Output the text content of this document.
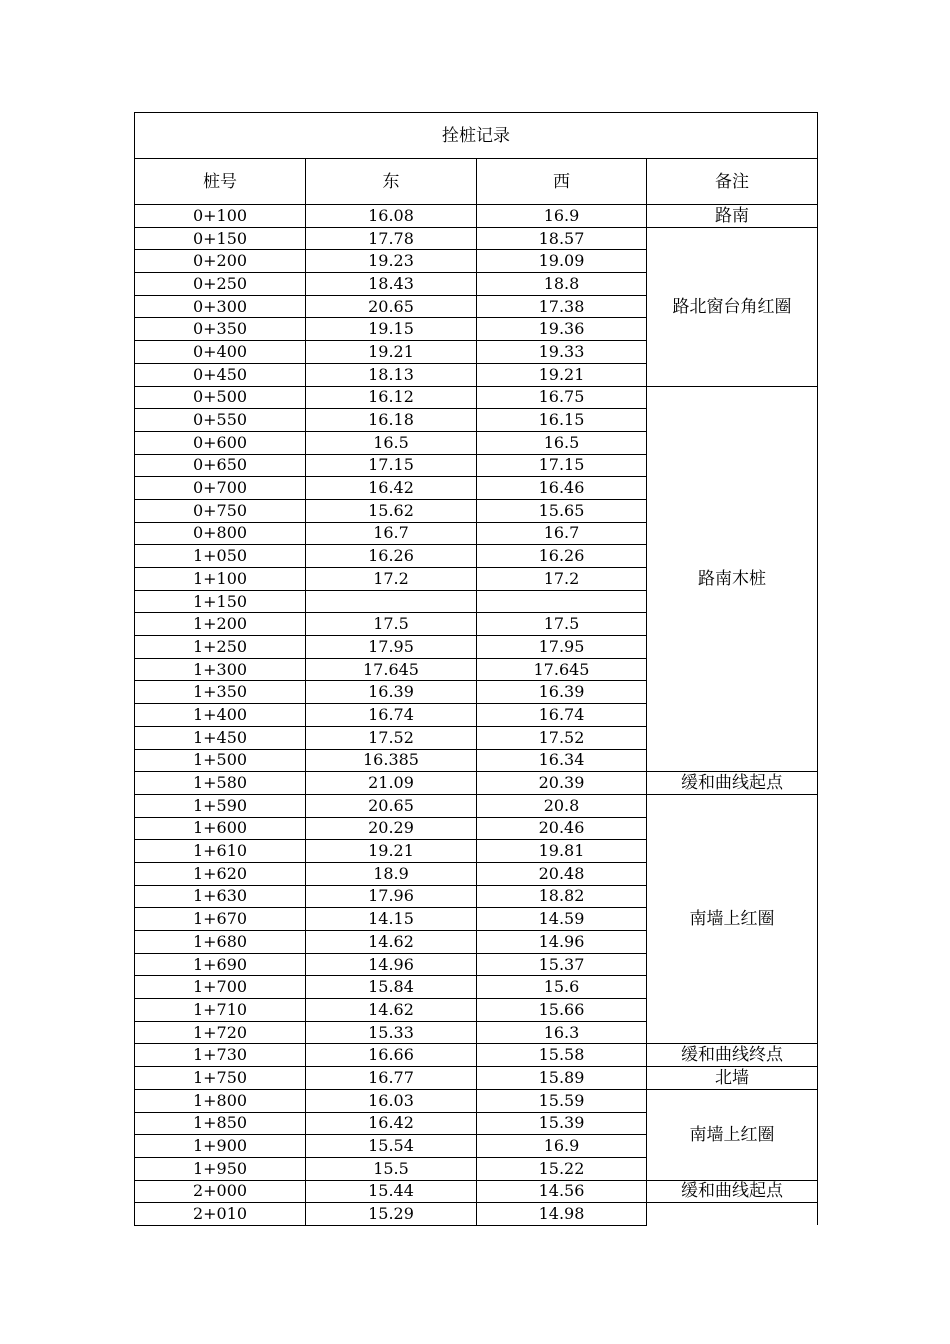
拴桩记录			
桩号	东	西	备注
0+100	16.08	16.9	路南
0+150	17.78	18.57	路北窗台角红圈
0+200	19.23	19.09	
0+250	18.43	18.8	
0+300	20.65	17.38	
0+350	19.15	19.36	
0+400	19.21	19.33	
0+450	18.13	19.21	
0+500	16.12	16.75	路南木桩
0+550	16.18	16.15	
0+600	16.5	16.5	
0+650	17.15	17.15	
0+700	16.42	16.46	
0+750	15.62	15.65	
0+800	16.7	16.7	
1+050	16.26	16.26	
1+100	17.2	17.2	
1+150			
1+200	17.5	17.5	
1+250	17.95	17.95	
1+300	17.645	17.645	
1+350	16.39	16.39	
1+400	16.74	16.74	
1+450	17.52	17.52	
1+500	16.385	16.34	
1+580	21.09	20.39	缓和曲线起点
1+590	20.65	20.8	南墙上红圈
1+600	20.29	20.46	
1+610	19.21	19.81	
1+620	18.9	20.48	
1+630	17.96	18.82	
1+670	14.15	14.59	
1+680	14.62	14.96	
1+690	14.96	15.37	
1+700	15.84	15.6	
1+710	14.62	15.66	
1+720	15.33	16.3	
1+730	16.66	15.58	缓和曲线终点
1+750	16.77	15.89	北墙
1+800	16.03	15.59	南墙上红圈
1+850	16.42	15.39	
1+900	15.54	16.9	
1+950	15.5	15.22	
2+000	15.44	14.56	缓和曲线起点
2+010	15.29	14.98	
